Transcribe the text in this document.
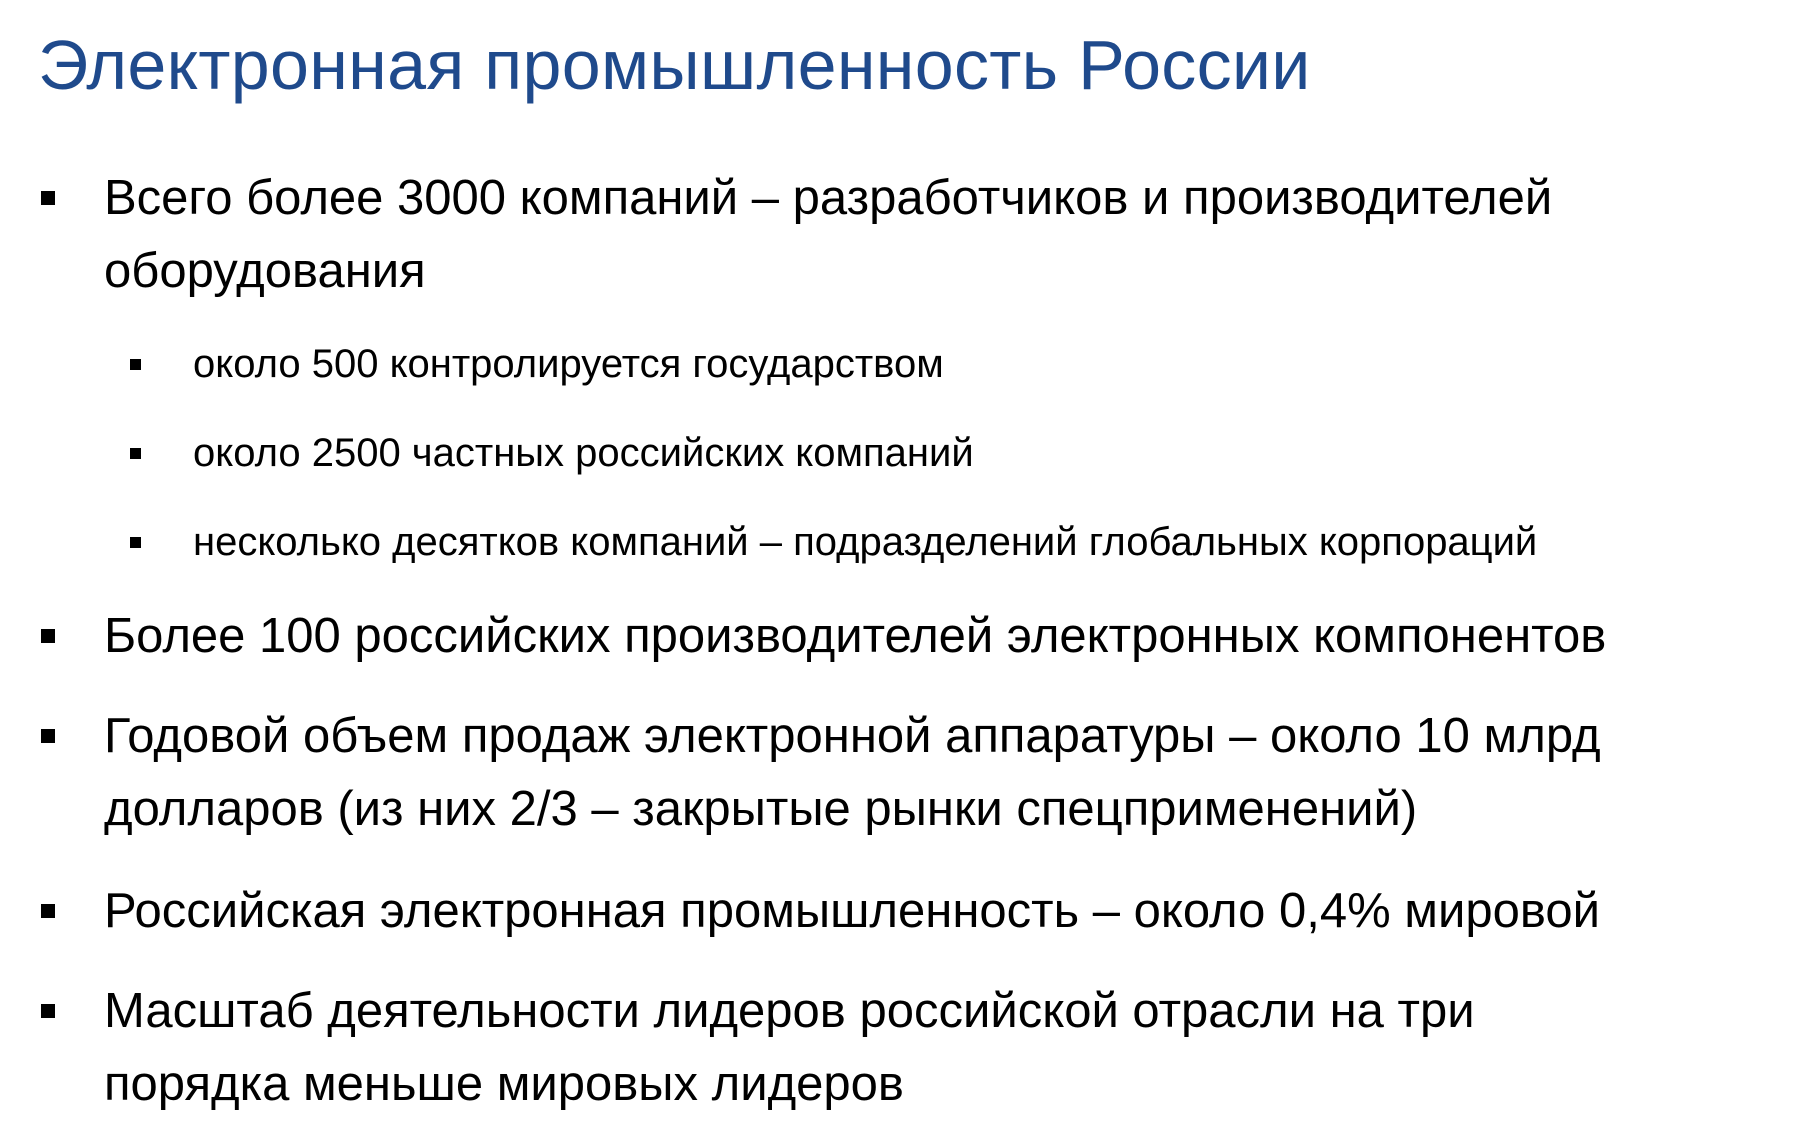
Электронная промышленность России
Всего более 3000 компаний – разработчиков и производителей
оборудования
около 500 контролируется государством
около 2500 частных российских компаний
несколько десятков компаний – подразделений глобальных корпораций
Более 100 российских производителей электронных компонентов
Годовой объем продаж электронной аппаратуры – около 10 млрд
долларов (из них 2/3 – закрытые рынки спецприменений)
Российская электронная промышленность – около 0,4% мировой
Масштаб деятельности лидеров российской отрасли на три
порядка меньше мировых лидеров
